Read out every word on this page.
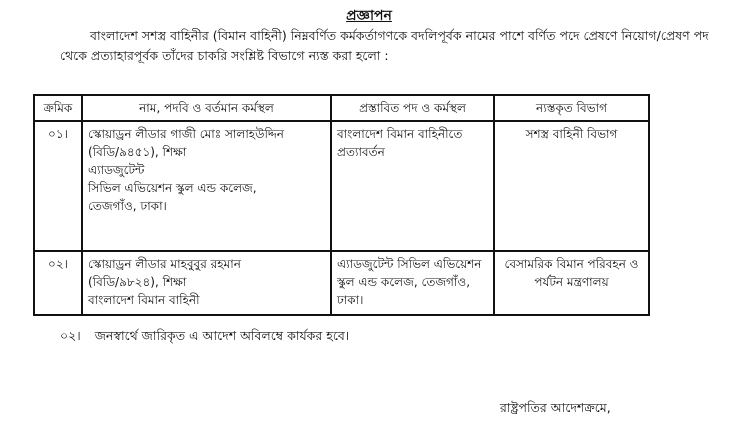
প্রজ্ঞাপন
বাংলাদেশ সশস্ত্র বাহিনীর (বিমান বাহিনী) নিম্নবর্ণিত কর্মকর্তাগণকে বদলিপূর্বক নামের পাশে বর্ণিত পদে প্রেষণে নিয়োগ/প্রেষণ পদ থেকে প্রত্যাহারপূর্বক তাঁদের চাকরি সংশ্লিষ্ট বিভাগে ন্যস্ত করা হলো :
ক্রমিক	নাম, পদবি ও বর্তমান কর্মস্থল	প্রস্তাবিত পদ ও কর্মস্থল	ন্যস্তকৃত বিভাগ
০১।	স্কোয়াড্রন লীডার গাজী মোঃ সালাহউদ্দিন
(বিডি/৯৪৫১), শিক্ষা
এ্যাডজুটেন্ট
সিভিল এভিয়েশন স্কুল এন্ড কলেজ,
তেজগাঁও, ঢাকা।	বাংলাদেশ বিমান বাহিনীতে প্রত্যাবর্তন	সশস্ত্র বাহিনী বিভাগ
০২।	স্কোয়াড্রন লীডার মাহবুবুর রহমান
(বিডি/৯৮২৪), শিক্ষা
বাংলাদেশ বিমান বাহিনী	এ্যাডজুটেন্ট সিভিল এভিয়েশন স্কুল এন্ড কলেজ, তেজগাঁও, ঢাকা।	বেসামরিক বিমান পরিবহন ও পর্যটন মন্ত্রণালয়
০২। জনস্বার্থে জারিকৃত এ আদেশ অবিলম্বে কার্যকর হবে।
রাষ্ট্রপতির আদেশক্রমে,
